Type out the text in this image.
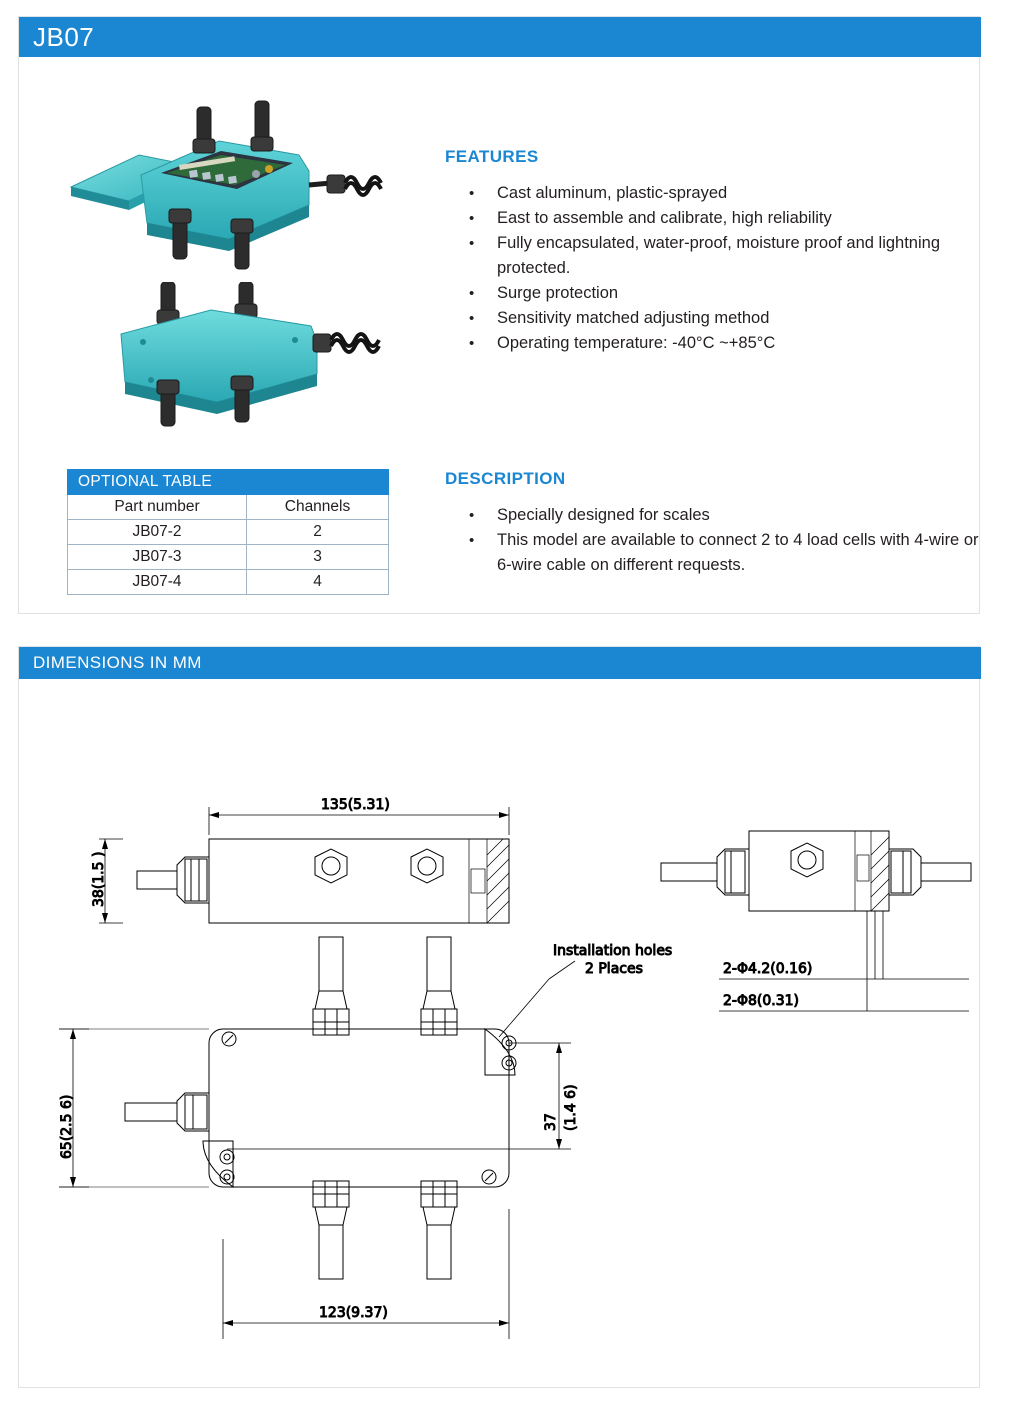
JB07
FEATURES
• Cast aluminum, plastic-sprayed
• East to assemble and calibrate, high reliability
• Fully encapsulated, water-proof, moisture proof and lightning protected.
• Surge protection
• Sensitivity matched adjusting method
• Operating temperature: -40°C ~+85°C
DESCRIPTION
• Specially designed for scales
• This model are available to connect 2 to 4 load cells with 4-wire or 6-wire cable on different requests.
OPTIONAL TABLE	
Part number	Channels
JB07-2	2
JB07-3	3
JB07-4	4
DIMENSIONS IN MM
135(5.31)
38(1.5 )
2-Φ4.2(0.16)
2-Φ8(0.31)
Installation holes
2 Places
65(2.5 6)	37 (1.4 6)
123(9.37)
